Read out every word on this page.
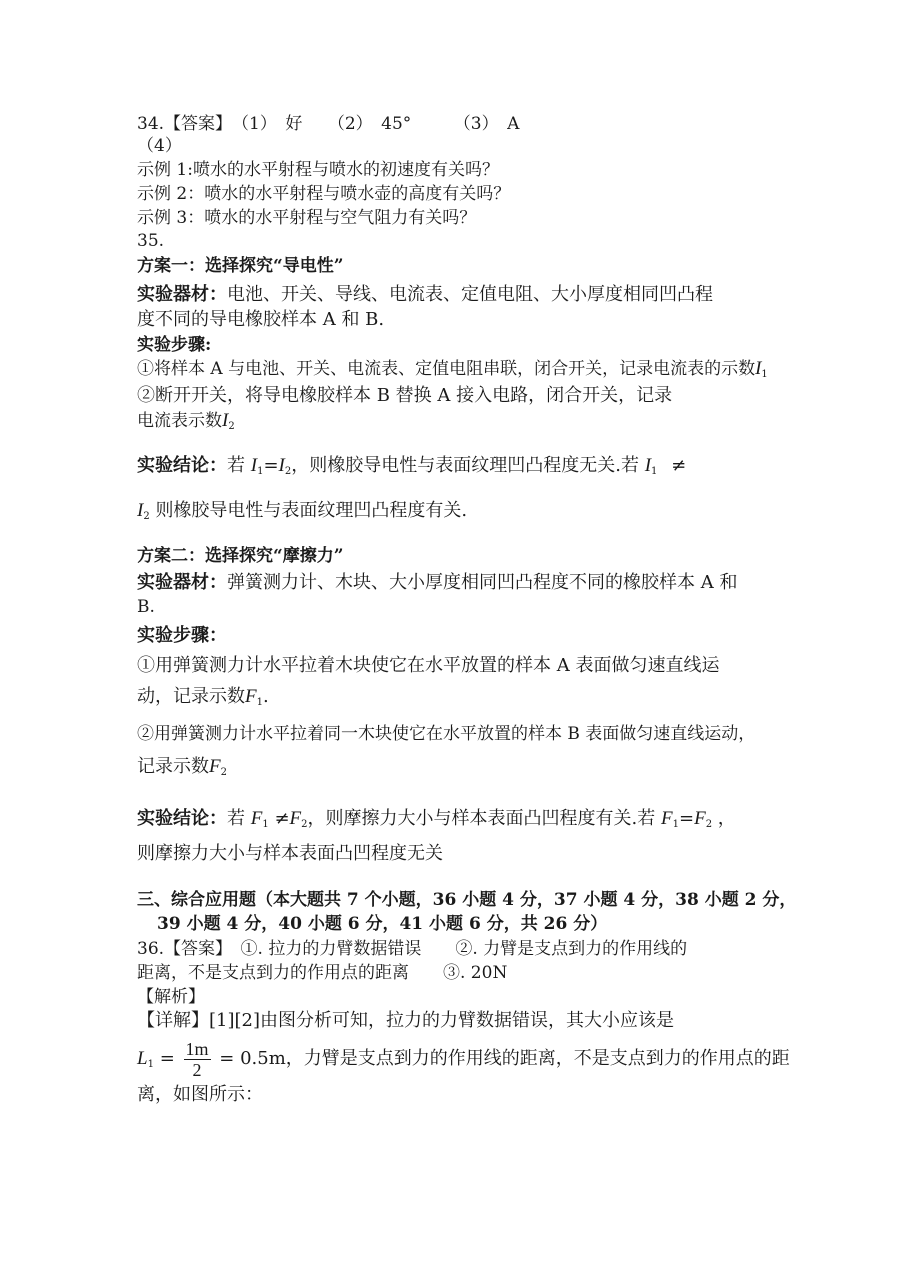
34.【答案】　（1）　好　　（2）　45°　　　（3）　A
（4）
示例 1:喷水的水平射程与喷水的初速度有关吗？
示例 2：喷水的水平射程与喷水壶的高度有关吗？
示例 3：喷水的水平射程与空气阻力有关吗？
35.
方案一：选择探究“导电性”
实验器材：电池、开关、导线、电流表、定值电阻、大小厚度相同凹凸程
度不同的导电橡胶样本 A 和 B.
实验步骤:
①将样本 A 与电池、开关、电流表、定值电阻串联，闭合开关，记录电流表的示数$I_1$
②断开开关，将导电橡胶样本 B 替换 A 接入电路，闭合开关，记录
电流表示数$I_2$
实验结论：若 $I_1=I_2$，则橡胶导电性与表面纹理凹凸程度无关.若 $I_1$ ≠
$I_2$ 则橡胶导电性与表面纹理凹凸程度有关.
方案二：选择探究“摩擦力”
实验器材：弹簧测力计、木块、大小厚度相同凹凸程度不同的橡胶样本 A 和
B.
实验步骤：
①用弹簧测力计水平拉着木块使它在水平放置的样本 A 表面做匀速直线运
动，记录示数$F_1$.
②用弹簧测力计水平拉着同一木块使它在水平放置的样本 B 表面做匀速直线运动，
记录示数$F_2$
实验结论：若 $F_1 \ne F_2$，则摩擦力大小与样本表面凸凹程度有关.若 $F_1=F_2$ ，
则摩擦力大小与样本表面凸凹程度无关
三、综合应用题（本大题共 7 个小题，36 小题 4 分，37 小题 4 分，38 小题 2 分，
39 小题 4 分，40 小题 6 分，41 小题 6 分，共 26 分）
36.【答案】　①. 拉力的力臂数据错误　　②. 力臂是支点到力的作用线的
距离，不是支点到力的作用点的距离　　③. 20N
【解析】
【详解】[1][2]由图分析可知，拉力的力臂数据错误，其大小应该是
$L_1 = \frac{1m}{2} = 0.5m$，力臂是支点到力的作用线的距离，不是支点到力的作用点的距
离，如图所示：
